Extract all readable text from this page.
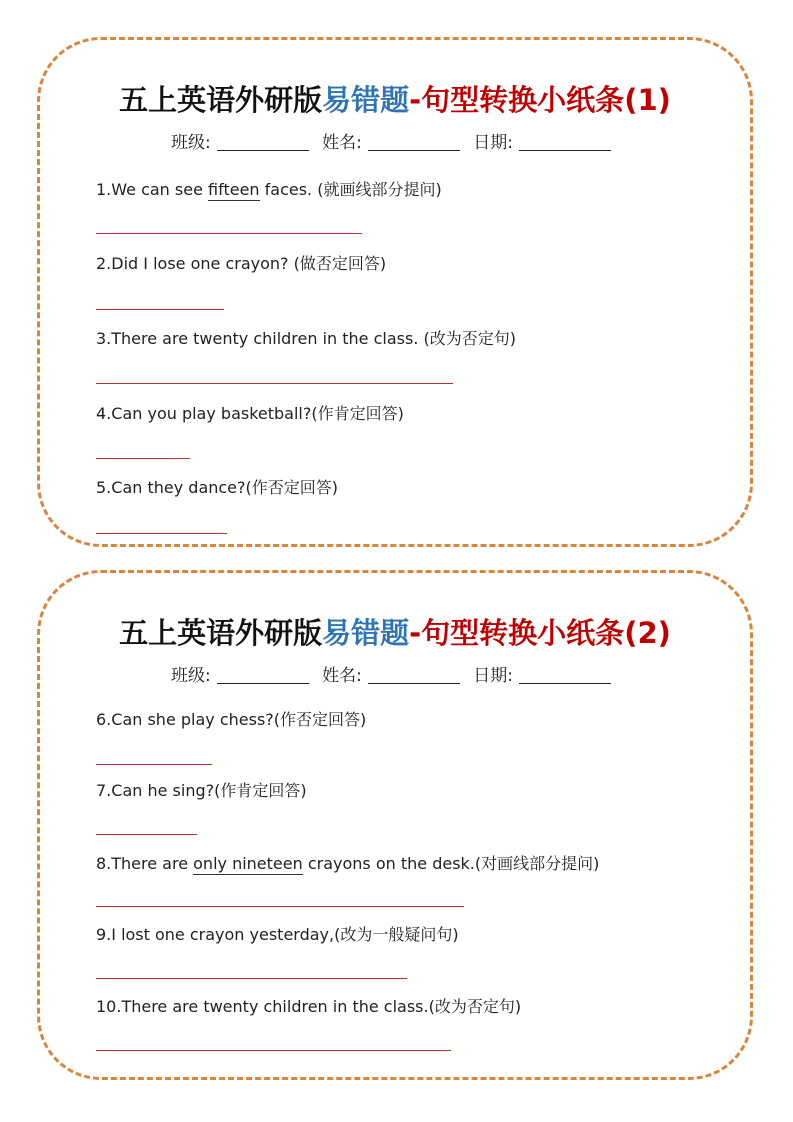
五上英语外研版易错题-句型转换小纸条(1)
班级:	姓名:	日期:
1.We can see fifteen faces. (就画线部分提问)
2.Did I lose one crayon? (做否定回答)
3.There are twenty children in the class. (改为否定句)
4.Can you play basketball?(作肯定回答)
5.Can they dance?(作否定回答)
五上英语外研版易错题-句型转换小纸条(2)
班级:	姓名:	日期:
6.Can she play chess?(作否定回答)
7.Can he sing?(作肯定回答)
8.There are only nineteen crayons on the desk.(对画线部分提问)
9.I lost one crayon yesterday,(改为一般疑问句)
10.There are twenty children in the class.(改为否定句)
